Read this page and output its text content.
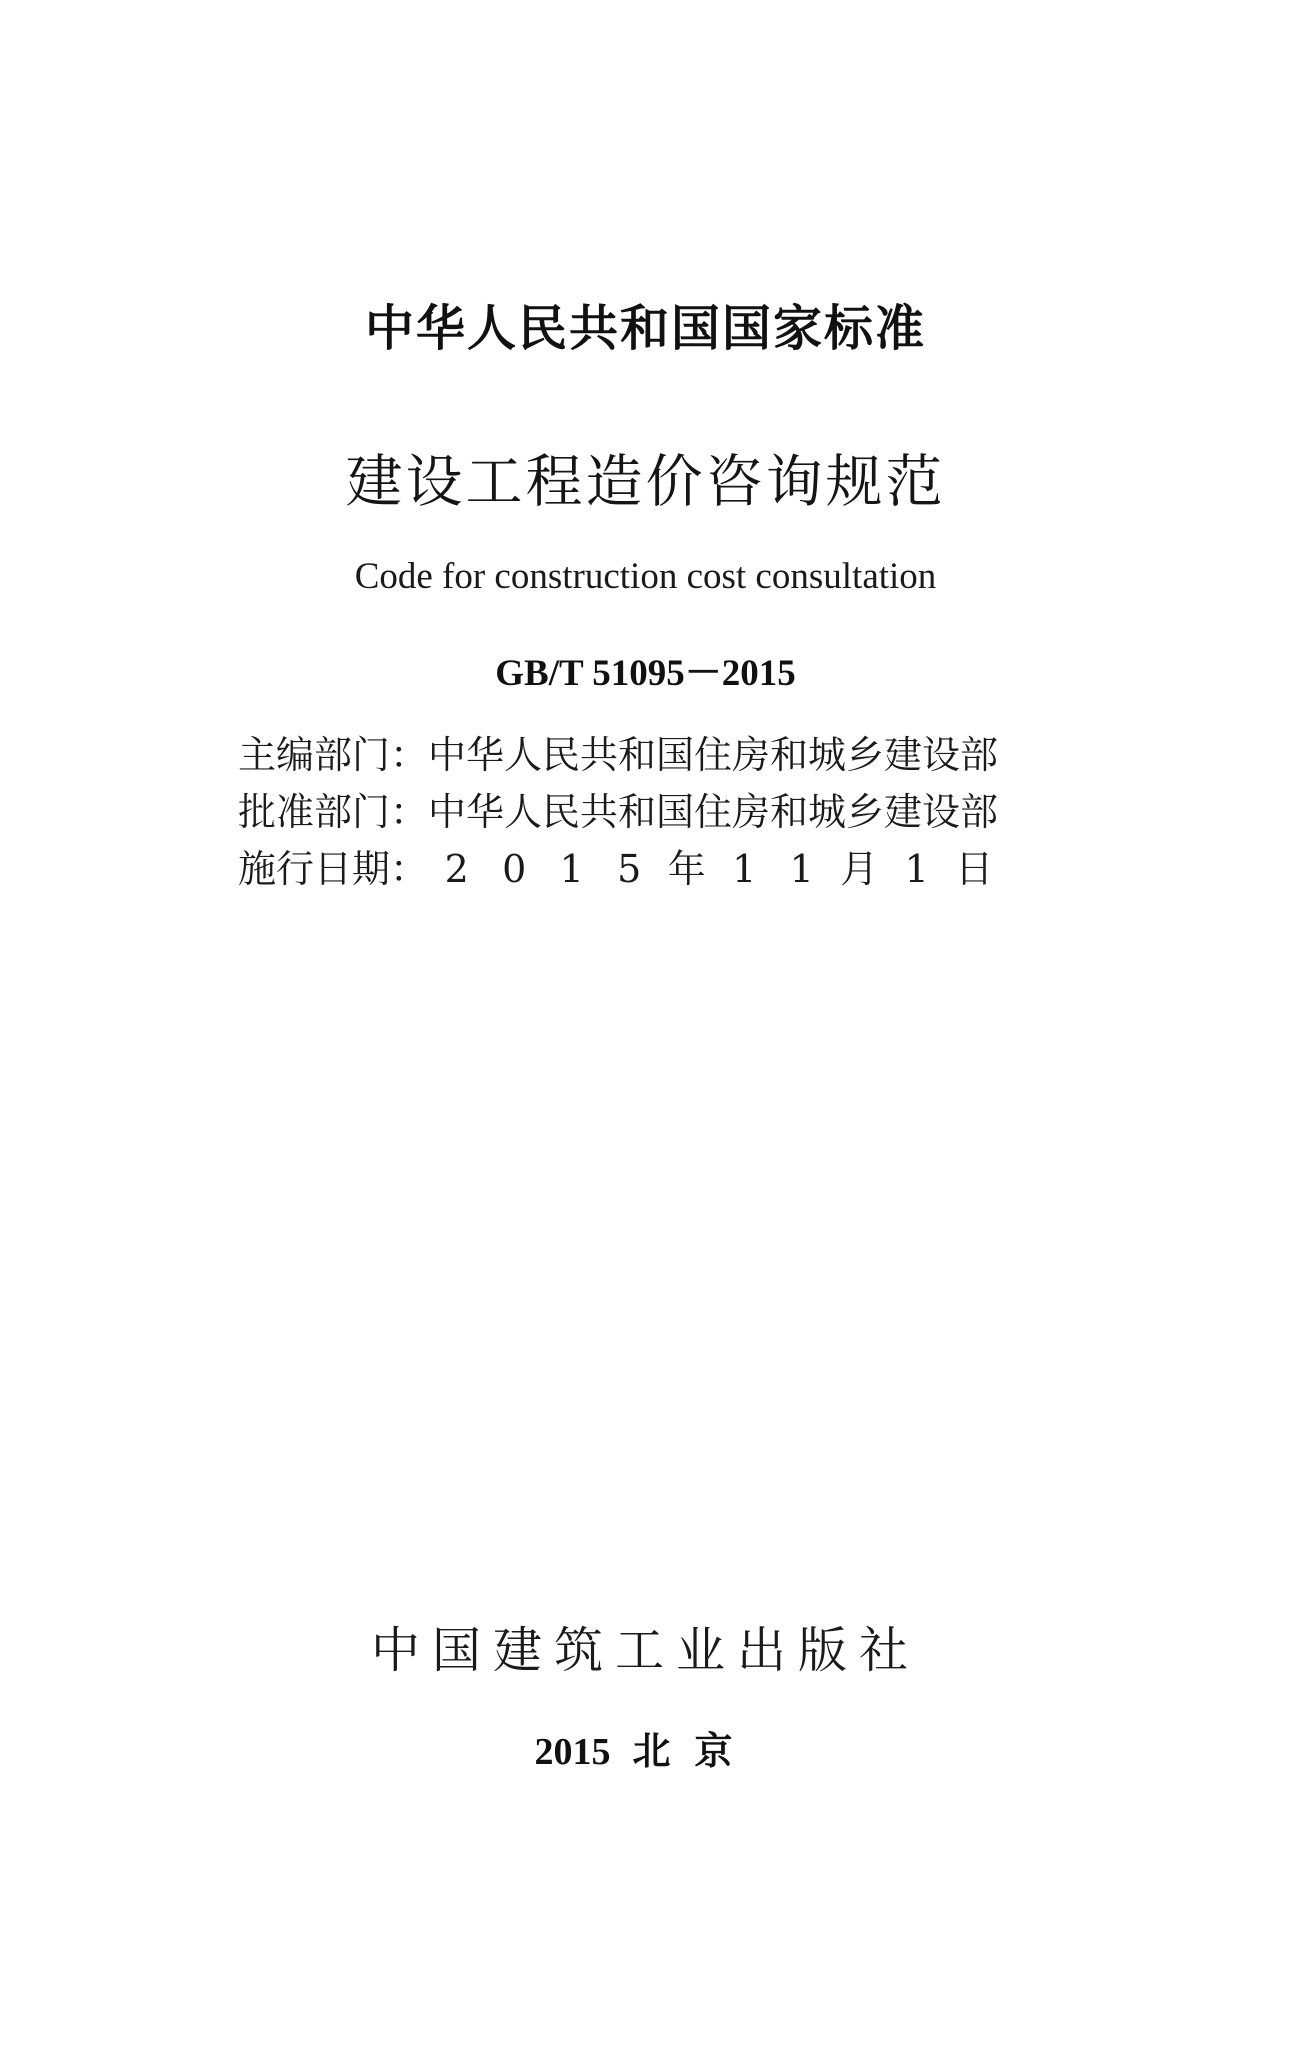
中华人民共和国国家标准
建设工程造价咨询规范
Code for construction cost consultation
GB/T 51095－2015
主编部门： 中华人民共和国住房和城乡建设部
批准部门： 中华人民共和国住房和城乡建设部
施行日期： 2 0 1 5 年 1 1 月 1 日
中国建筑工业出版社
2015 北京
